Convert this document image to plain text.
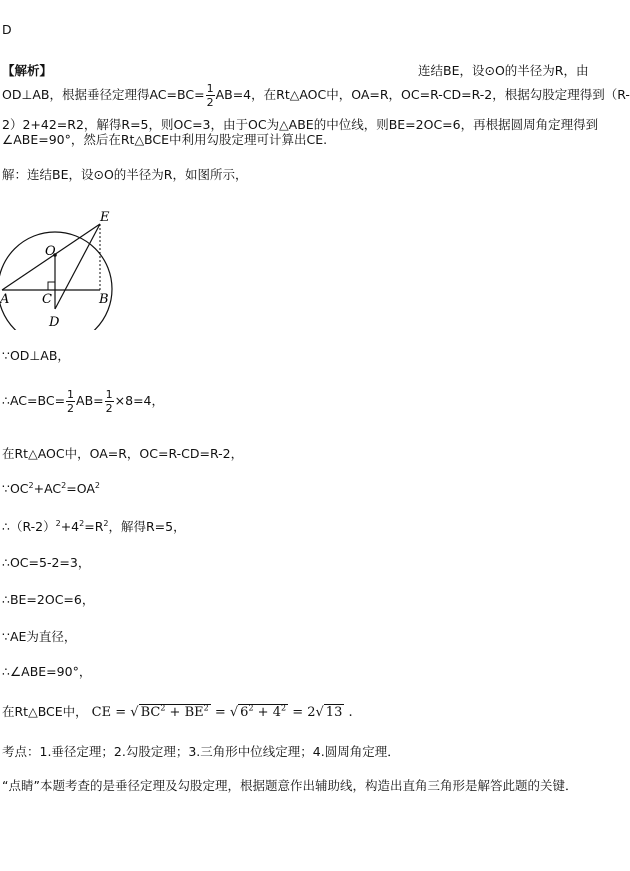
D
【解析】	连结BE，设⊙O的半径为R，由
OD⊥AB，根据垂径定理得$AC=BC= \frac{1}{2} AB=4$，在Rt△AOC中，OA=R，OC=R-CD=R-2，根据勾股定理得到（R-
2）2+42=R2，解得R=5，则OC=3，由于OC为△ABE的中位线，则BE=2OC=6，再根据圆周角定理得到
∠ABE=90°，然后在Rt△BCE中利用勾股定理可计算出CE.
解：连结BE，设⊙O的半径为R，如图所示，
E
O
A	C	B
D
∵OD⊥AB，
∴AC=BC= $\frac{1}{2} AB= \frac{1}{2} \times 8=4$，
在Rt△AOC中，OA=R，OC=R-CD=R-2，
$\because OC^2+AC^2=OA^2$
$\therefore(R-2)^2+4^2=R^2$，解得R=5，
∴OC=5-2=3，
∴BE=2OC=6，
∵AE为直径，
∴∠ABE=90°，
在Rt△BCE中， CE = √ $BC^2 + BE^2$ = √ $6^2 + 4^2 = 2√$ 13 .
考点：1.垂径定理；2.勾股定理；3.三角形中位线定理；4.圆周角定理．
“点睛”本题考查的是垂径定理及勾股定理，根据题意作出辅助线，构造出直角三角形是解答此题的关键．
